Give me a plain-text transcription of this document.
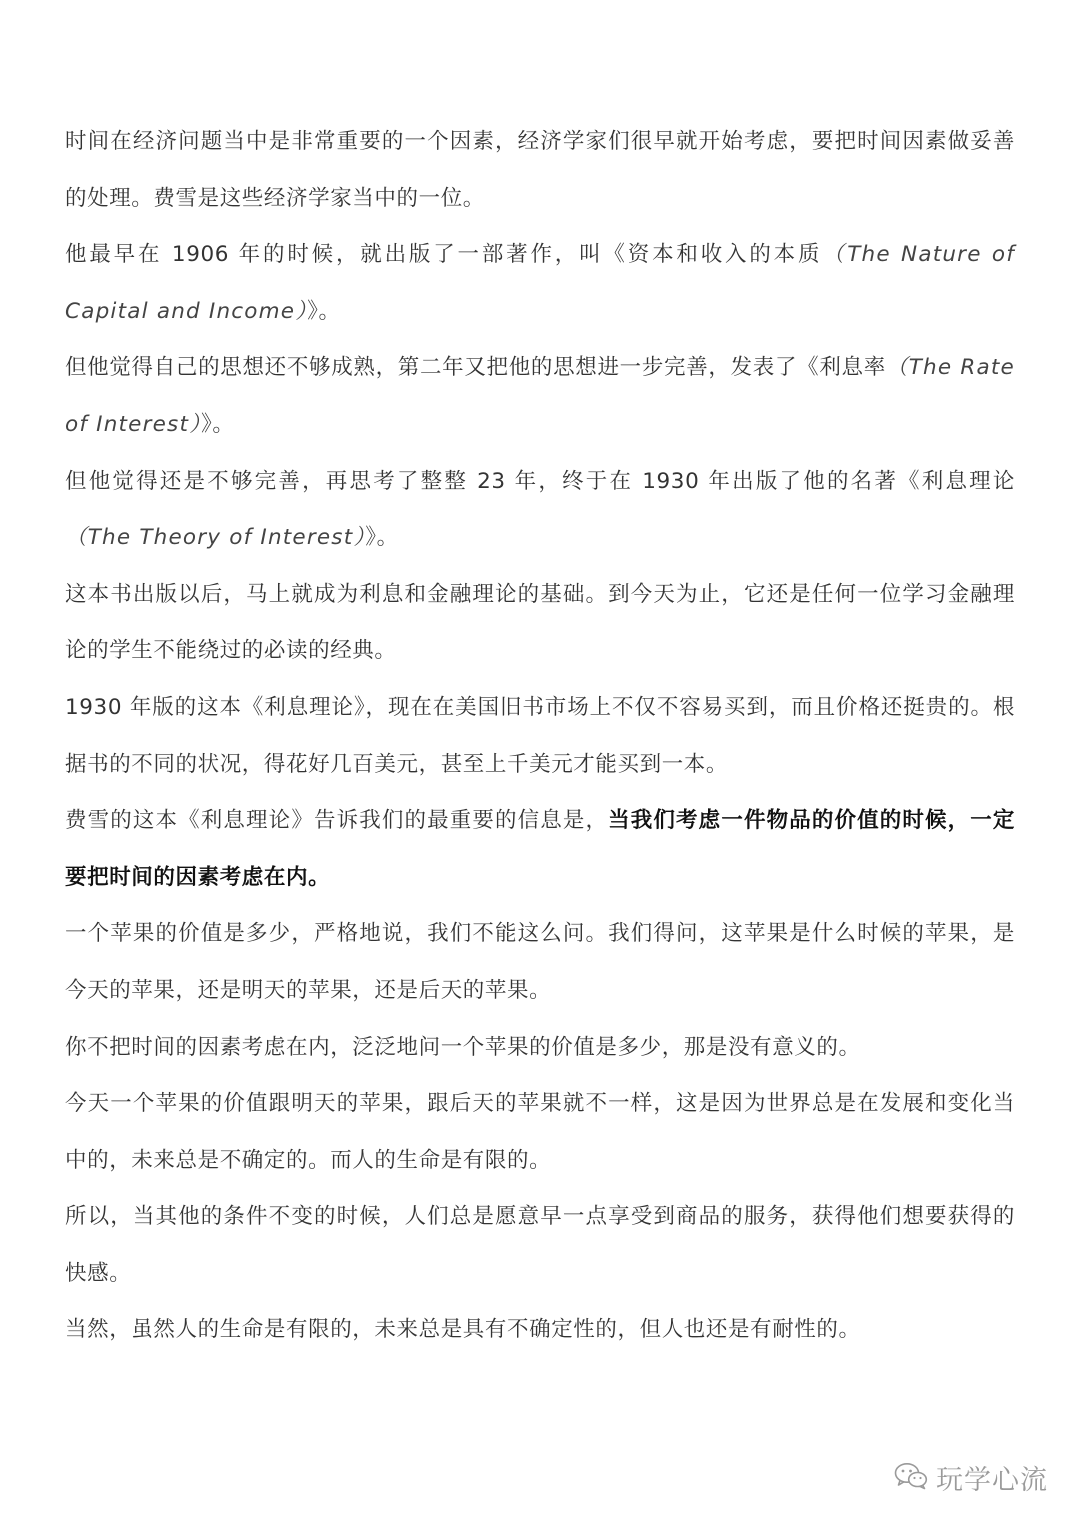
时间在经济问题当中是非常重要的一个因素，经济学家们很早就开始考虑，要把时间因素做妥善的处理。费雪是这些经济学家当中的一位。

他最早在 1906 年的时候，就出版了一部著作，叫《资本和收入的本质（The Nature of Capital and Income）》。

但他觉得自己的思想还不够成熟，第二年又把他的思想进一步完善，发表了《利息率（The Rate of Interest）》。

但他觉得还是不够完善，再思考了整整 23 年，终于在 1930 年出版了他的名著《利息理论（The Theory of Interest）》。

这本书出版以后，马上就成为利息和金融理论的基础。到今天为止，它还是任何一位学习金融理论的学生不能绕过的必读的经典。

1930 年版的这本《利息理论》，现在在美国旧书市场上不仅不容易买到，而且价格还挺贵的。根据书的不同的状况，得花好几百美元，甚至上千美元才能买到一本。

费雪的这本《利息理论》告诉我们的最重要的信息是，当我们考虑一件物品的价值的时候，一定要把时间的因素考虑在内。

一个苹果的价值是多少，严格地说，我们不能这么问。我们得问，这苹果是什么时候的苹果，是今天的苹果，还是明天的苹果，还是后天的苹果。

你不把时间的因素考虑在内，泛泛地问一个苹果的价值是多少，那是没有意义的。

今天一个苹果的价值跟明天的苹果，跟后天的苹果就不一样，这是因为世界总是在发展和变化当中的，未来总是不确定的。而人的生命是有限的。

所以，当其他的条件不变的时候，人们总是愿意早一点享受到商品的服务，获得他们想要获得的快感。

当然，虽然人的生命是有限的，未来总是具有不确定性的，但人也还是有耐性的。

玩学心流
